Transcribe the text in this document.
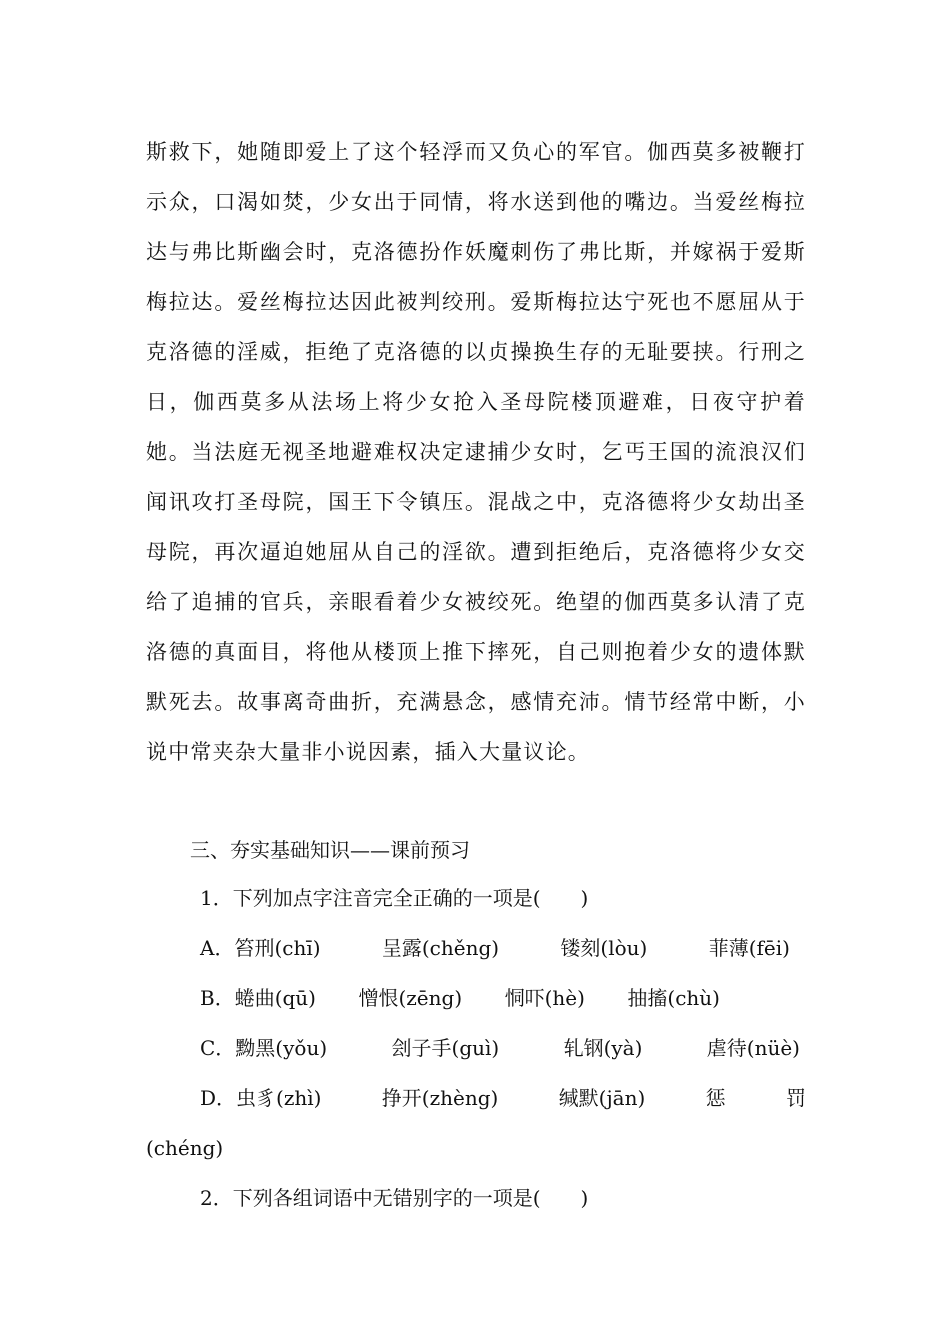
斯救下，她随即爱上了这个轻浮而又负心的军官。伽西莫多被鞭打
示众，口渴如焚，少女出于同情，将水送到他的嘴边。当爱丝梅拉
达与弗比斯幽会时，克洛德扮作妖魔刺伤了弗比斯，并嫁祸于爱斯
梅拉达。爱丝梅拉达因此被判绞刑。爱斯梅拉达宁死也不愿屈从于
克洛德的淫威，拒绝了克洛德的以贞操换生存的无耻要挟。行刑之
日，伽西莫多从法场上将少女抢入圣母院楼顶避难，日夜守护着
她。当法庭无视圣地避难权决定逮捕少女时，乞丐王国的流浪汉们
闻讯攻打圣母院，国王下令镇压。混战之中，克洛德将少女劫出圣
母院，再次逼迫她屈从自己的淫欲。遭到拒绝后，克洛德将少女交
给了追捕的官兵，亲眼看着少女被绞死。绝望的伽西莫多认清了克
洛德的真面目，将他从楼顶上推下摔死，自己则抱着少女的遗体默
默死去。故事离奇曲折，充满悬念，感情充沛。情节经常中断，小
说中常夹杂大量非小说因素，插入大量议论。
三、夯实基础知识——课前预习
1．下列加点字注音完全正确的一项是(　　)
A．笞刑(chī)	呈露(chěng)	镂刻(lòu)	菲薄(fēi)
B．蜷曲(qū) 憎恨(zēng) 恫吓(hè) 抽搐(chù)
C．黝黑(yǒu)	刽子手(guì)	轧钢(yà)	虐待(nüè)
D．虫豸(zhì)	挣开(zhèng)	缄默(jān)	惩	罚
(chéng)
2．下列各组词语中无错别字的一项是(　　)
